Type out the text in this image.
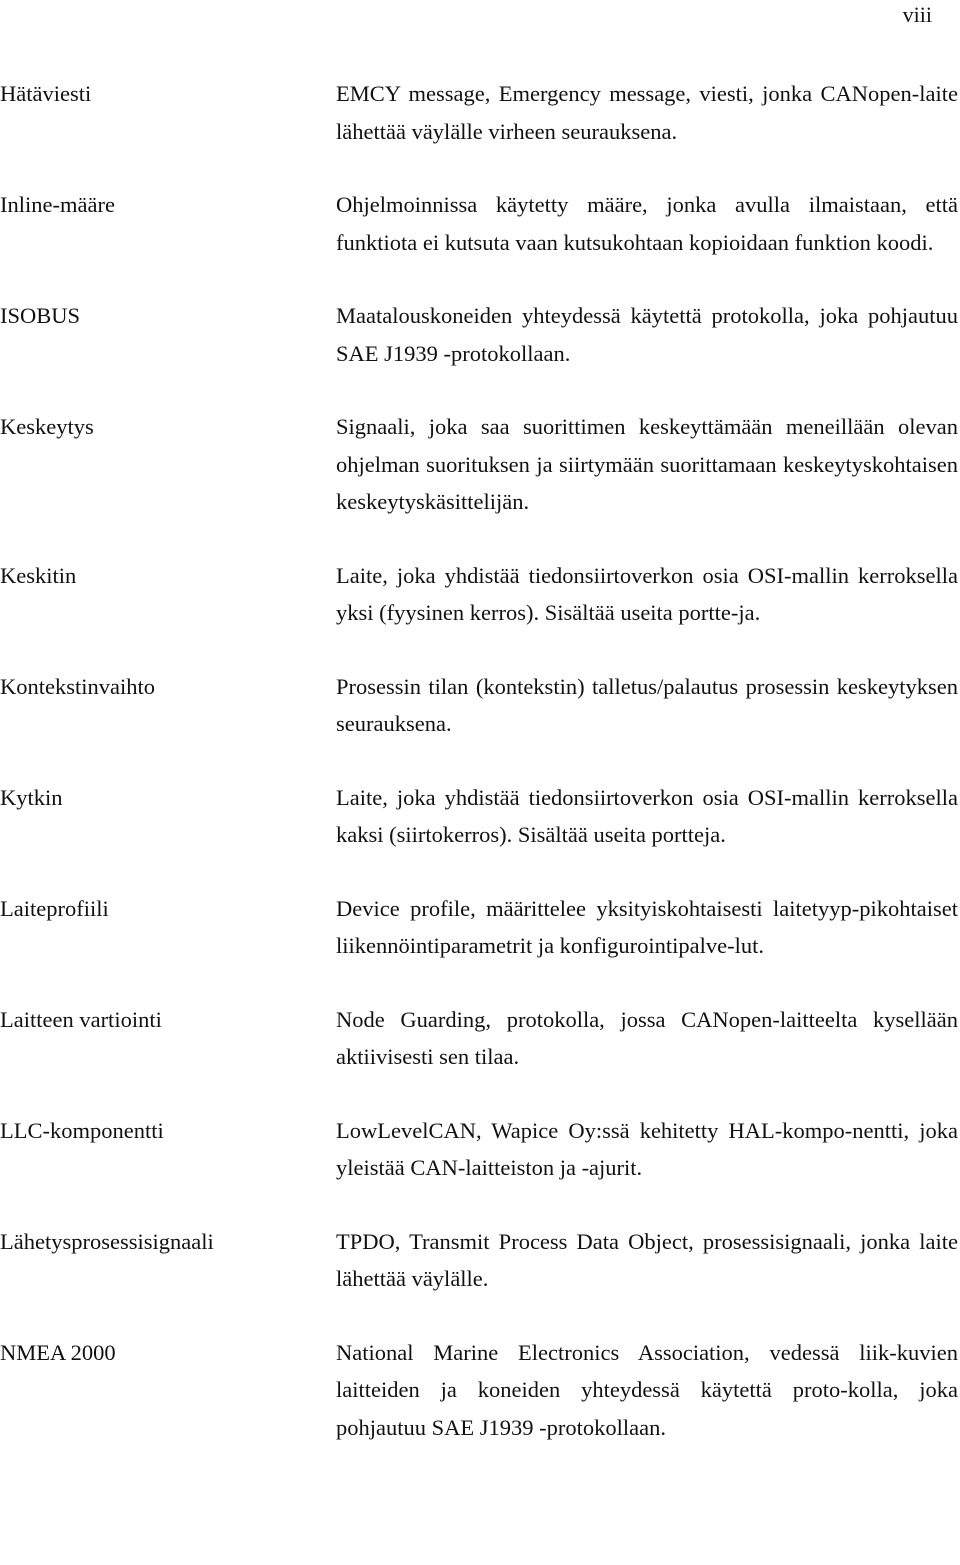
viii
Hätäviesti	EMCY message, Emergency message, viesti, jonka CANopen-laite lähettää väylälle virheen seurauksena.
Inline-määre	Ohjelmoinnissa käytetty määre, jonka avulla ilmaistaan, että funktiota ei kutsuta vaan kutsukohtaan kopioidaan funktion koodi.
ISOBUS	Maatalouskoneiden yhteydessä käytettä protokolla, joka pohjautuu SAE J1939 -protokollaan.
Keskeytys	Signaali, joka saa suorittimen keskeyttämään meneillään olevan ohjelman suorituksen ja siirtymään suorittamaan keskeytyskohtaisen keskeytyskäsittelijän.
Keskitin	Laite, joka yhdistää tiedonsiirtoverkon osia OSI-mallin kerroksella yksi (fyysinen kerros). Sisältää useita portte-ja.
Kontekstinvaihto	Prosessin tilan (kontekstin) talletus/palautus prosessin keskeytyksen seurauksena.
Kytkin	Laite, joka yhdistää tiedonsiirtoverkon osia OSI-mallin kerroksella kaksi (siirtokerros). Sisältää useita portteja.
Laiteprofiili	Device profile, määrittelee yksityiskohtaisesti laitetyyp-pikohtaiset liikennöintiparametrit ja konfigurointipalve-lut.
Laitteen vartiointi	Node Guarding, protokolla, jossa CANopen-laitteelta kysellään aktiivisesti sen tilaa.
LLC-komponentti	LowLevelCAN, Wapice Oy:ssä kehitetty HAL-kompo-nentti, joka yleistää CAN-laitteiston ja -ajurit.
Lähetysprosessisignaali	TPDO, Transmit Process Data Object, prosessisignaali, jonka laite lähettää väylälle.
NMEA 2000	National Marine Electronics Association, vedessä liik-kuvien laitteiden ja koneiden yhteydessä käytettä proto-kolla, joka pohjautuu SAE J1939 -protokollaan.
